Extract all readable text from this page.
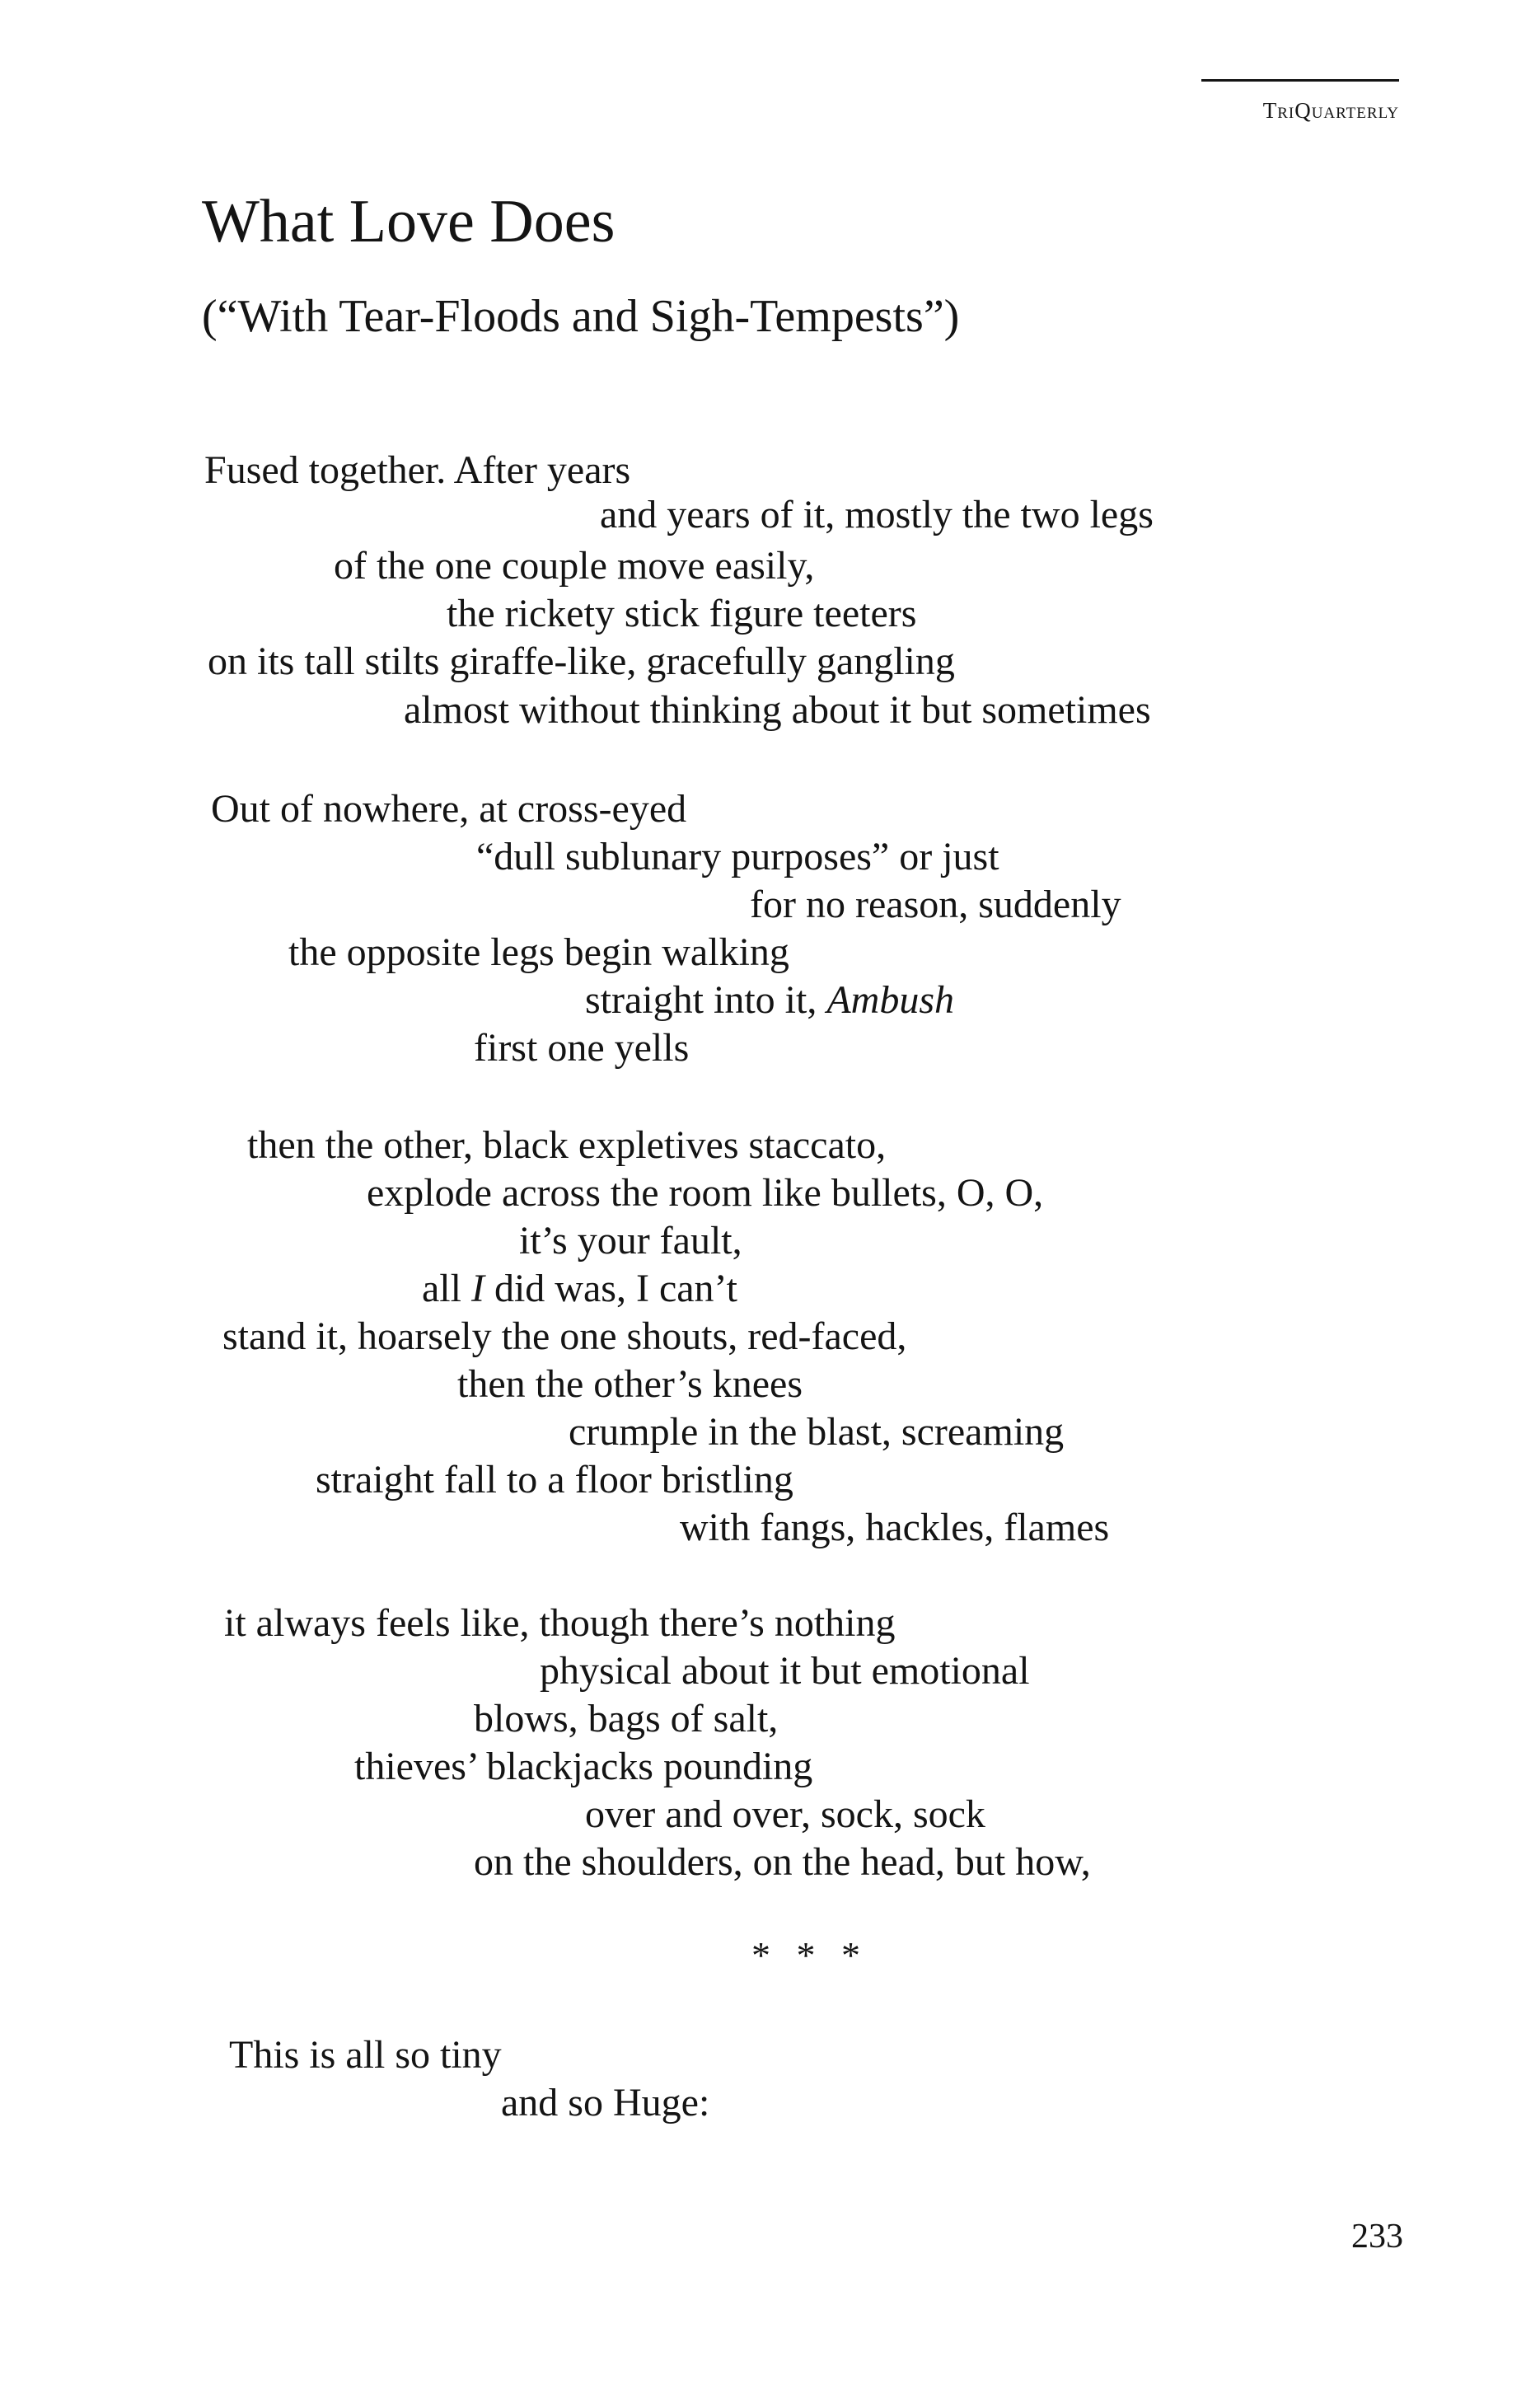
TriQuarterly
What Love Does
(“With Tear-Floods and Sigh-Tempests”)
Fused together. After years
and years of it, mostly the two legs
of the one couple move easily,
the rickety stick figure teeters
on its tall stilts giraffe-like, gracefully gangling
almost without thinking about it but sometimes
Out of nowhere, at cross-eyed
“dull sublunary purposes” or just
for no reason, suddenly
the opposite legs begin walking
straight into it, Ambush
first one yells
then the other, black expletives staccato,
explode across the room like bullets, O, O,
it’s your fault,
all I did was, I can’t
stand it, hoarsely the one shouts, red-faced,
then the other’s knees
crumple in the blast, screaming
straight fall to a floor bristling
with fangs, hackles, flames
it always feels like, though there’s nothing
physical about it but emotional
blows, bags of salt,
thieves’ blackjacks pounding
over and over, sock, sock
on the shoulders, on the head, but how,
* * *
This is all so tiny
and so Huge:
233
